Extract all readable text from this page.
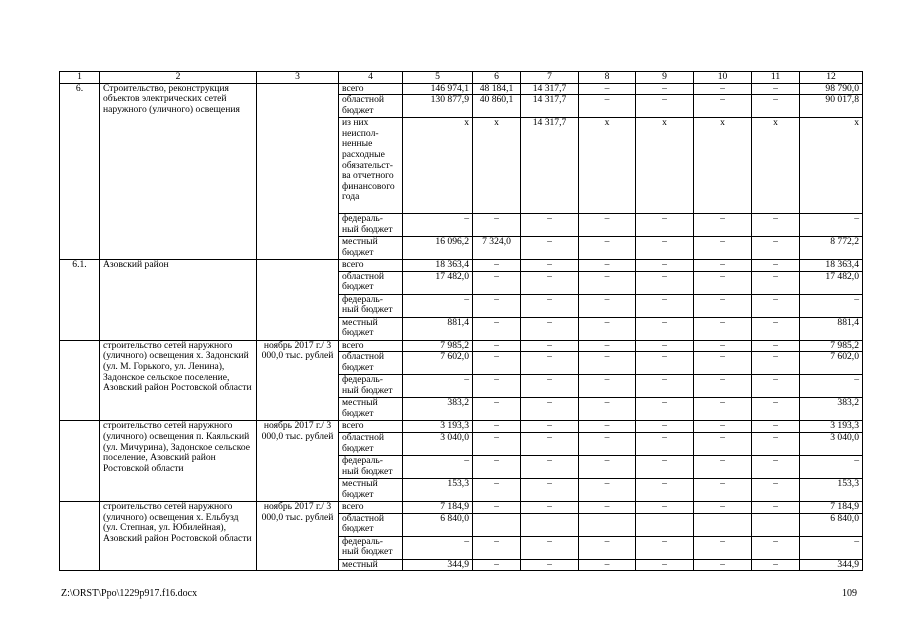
1	2	3	4	5	6	7	8	9	10	11	12
6.	Строительство, реконструкция объектов электрических сетей наружного (уличного) освещения		всего	146 974,1	48 184,1	14 317,7	–	–	–	–	98 790,0
			областной бюджет	130 877,9	40 860,1	14 317,7	–	–	–	–	90 017,8
			из них неиспол-ненные расходные обязательст-ва отчетного финансового года	х	х	14 317,7	х	х	х	х	х
			федераль-ный бюджет	–	–	–	–	–	–	–	–
			местный бюджет	16 096,2	7 324,0	–	–	–	–	–	8 772,2
6.1.	Азовский район		всего	18 363,4	–	–	–	–	–	–	18 363,4
			областной бюджет	17 482,0	–	–	–	–	–	–	17 482,0
			федераль-ный бюджет	–	–	–	–	–	–	–	–
			местный бюджет	881,4	–	–	–	–	–	–	881,4
	строительство сетей наружного (уличного) освещения х. Задонский (ул. М. Горького, ул. Ленина), Задонское сельское поселение, Азовский район Ростовской области	ноябрь 2017 г./ 3 000,0 тыс. рублей	всего	7 985,2	–	–	–	–	–	–	7 985,2
			областной бюджет	7 602,0	–	–	–	–	–	–	7 602,0
			федераль-ный бюджет	–	–	–	–	–	–	–	–
			местный бюджет	383,2	–	–	–	–	–	–	383,2
	строительство сетей наружного (уличного) освещения п. Каяльский (ул. Мичурина), Задонское сельское поселение, Азовский район Ростовской области	ноябрь 2017 г./ 3 000,0 тыс. рублей	всего	3 193,3	–	–	–	–	–	–	3 193,3
			областной бюджет	3 040,0	–	–	–	–	–	–	3 040,0
			федераль-ный бюджет	–	–	–	–	–	–	–	–
			местный бюджет	153,3	–	–	–	–	–	–	153,3
	строительство сетей наружного (уличного) освещения х. Ельбузд (ул. Степная, ул. Юбилейная), Азовский район Ростовской области	ноябрь 2017 г./ 3 000,0 тыс. рублей	всего	7 184,9	–	–	–	–	–	–	7 184,9
			областной бюджет	6 840,0							6 840,0
			федераль-ный бюджет	–	–	–	–	–	–	–	–
			местный	344,9	–	–	–	–	–	–	344,9
Z:\ORST\Ppo\1229p917.f16.docx	109
